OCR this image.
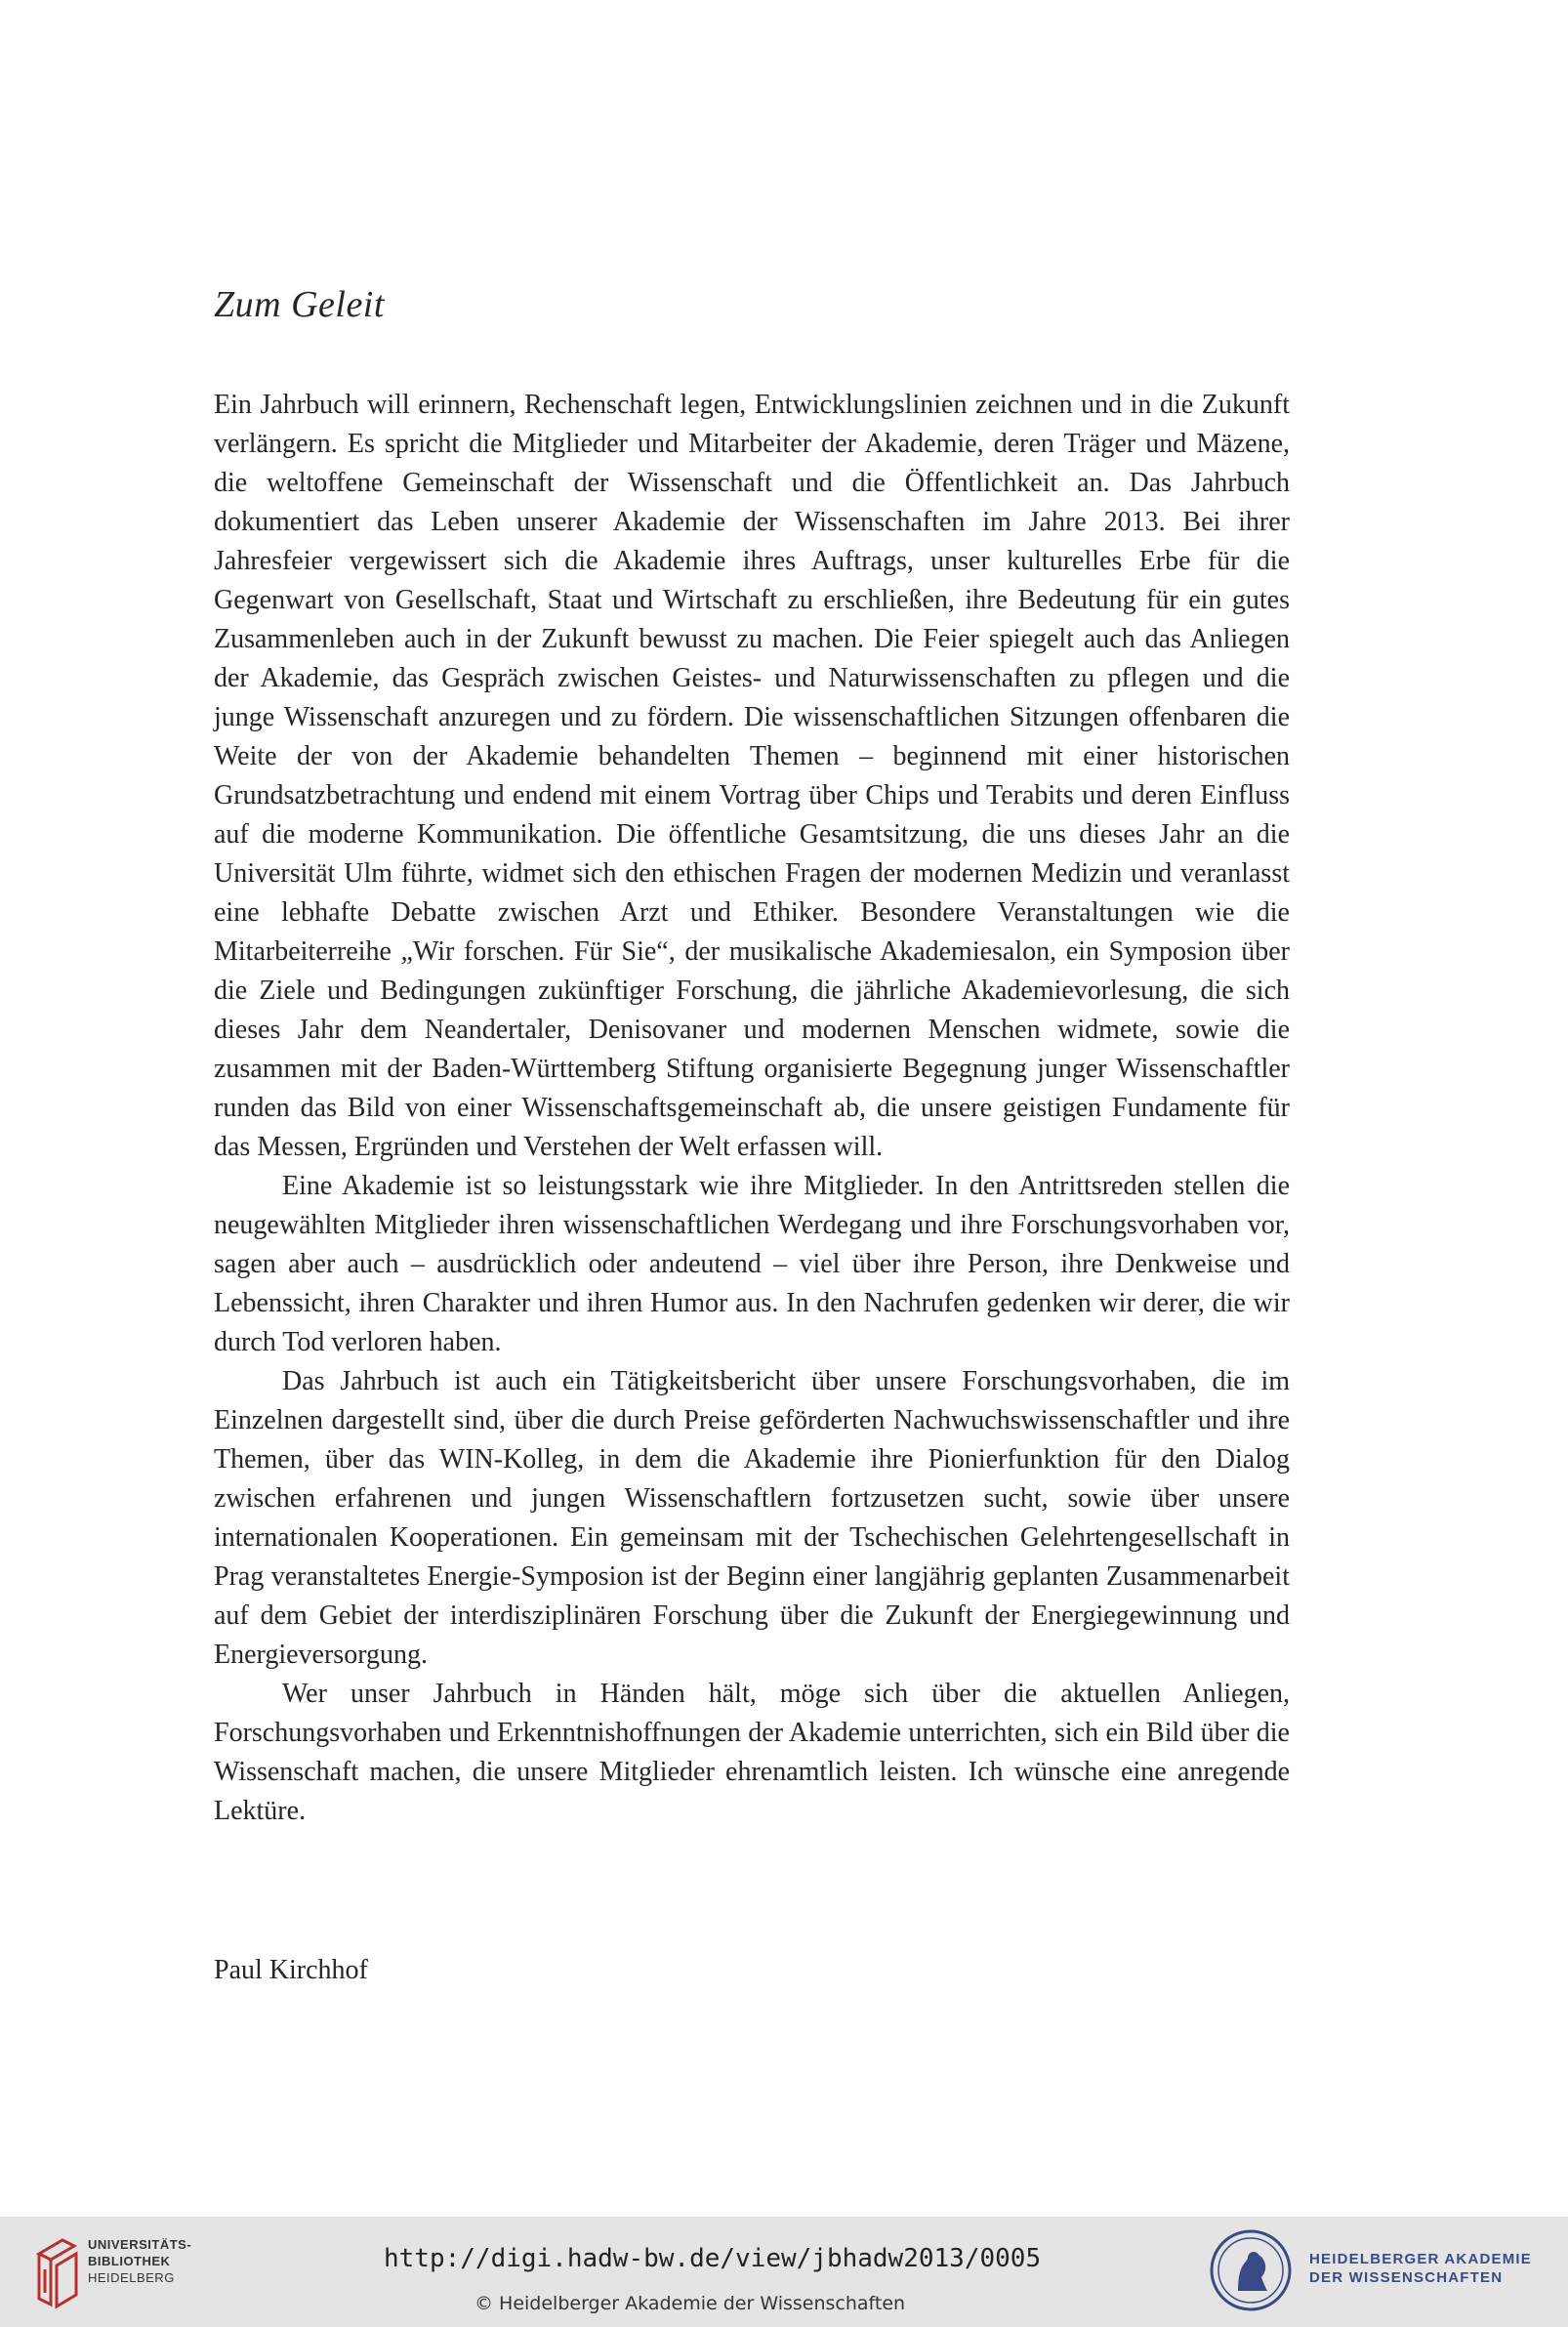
Zum Geleit

Ein Jahrbuch will erinnern, Rechenschaft legen, Entwicklungslinien zeichnen und in die Zukunft verlängern. Es spricht die Mitglieder und Mitarbeiter der Akademie, deren Träger und Mäzene, die weltoffene Gemeinschaft der Wissenschaft und die Öffentlichkeit an. Das Jahrbuch dokumentiert das Leben unserer Akademie der Wissenschaften im Jahre 2013. Bei ihrer Jahresfeier vergewissert sich die Akademie ihres Auftrags, unser kulturelles Erbe für die Gegenwart von Gesellschaft, Staat und Wirtschaft zu erschließen, ihre Bedeutung für ein gutes Zusammenleben auch in der Zukunft bewusst zu machen. Die Feier spiegelt auch das Anliegen der Akademie, das Gespräch zwischen Geistes- und Naturwissenschaften zu pflegen und die junge Wissenschaft anzuregen und zu fördern. Die wissenschaftlichen Sitzungen offenbaren die Weite der von der Akademie behandelten Themen – beginnend mit einer historischen Grundsatzbetrachtung und endend mit einem Vortrag über Chips und Terabits und deren Einfluss auf die moderne Kommunikation. Die öffentliche Gesamtsitzung, die uns dieses Jahr an die Universität Ulm führte, widmet sich den ethischen Fragen der modernen Medizin und veranlasst eine lebhafte Debatte zwischen Arzt und Ethiker. Besondere Veranstaltungen wie die Mitarbeiterreihe „Wir forschen. Für Sie“, der musikalische Akademiesalon, ein Symposion über die Ziele und Bedingungen zukünftiger Forschung, die jährliche Akademievorlesung, die sich dieses Jahr dem Neandertaler, Denisovaner und modernen Menschen widmete, sowie die zusammen mit der Baden-Württemberg Stiftung organisierte Begegnung junger Wissenschaftler runden das Bild von einer Wissenschaftsgemeinschaft ab, die unsere geistigen Fundamente für das Messen, Ergründen und Verstehen der Welt erfassen will.

Eine Akademie ist so leistungsstark wie ihre Mitglieder. In den Antrittsreden stellen die neugewählten Mitglieder ihren wissenschaftlichen Werdegang und ihre Forschungsvorhaben vor, sagen aber auch – ausdrücklich oder andeutend – viel über ihre Person, ihre Denkweise und Lebenssicht, ihren Charakter und ihren Humor aus. In den Nachrufen gedenken wir derer, die wir durch Tod verloren haben.

Das Jahrbuch ist auch ein Tätigkeitsbericht über unsere Forschungsvorhaben, die im Einzelnen dargestellt sind, über die durch Preise geförderten Nachwuchswissenschaftler und ihre Themen, über das WIN-Kolleg, in dem die Akademie ihre Pionierfunktion für den Dialog zwischen erfahrenen und jungen Wissenschaftlern fortzusetzen sucht, sowie über unsere internationalen Kooperationen. Ein gemeinsam mit der Tschechischen Gelehrtengesellschaft in Prag veranstaltetes Energie-Symposion ist der Beginn einer langjährig geplanten Zusammenarbeit auf dem Gebiet der interdisziplinären Forschung über die Zukunft der Energiegewinnung und Energieversorgung.

Wer unser Jahrbuch in Händen hält, möge sich über die aktuellen Anliegen, Forschungsvorhaben und Erkenntnishoffnungen der Akademie unterrichten, sich ein Bild über die Wissenschaft machen, die unsere Mitglieder ehrenamtlich leisten. Ich wünsche eine anregende Lektüre.

Paul Kirchhof
UNIVERSITÄTS-
BIBLIOTHEK
HEIDELBERG
http://digi.hadw-bw.de/view/jbhadw2013/0005
© Heidelberger Akademie der Wissenschaften
HEIDELBERGER AKADEMIE
DER WISSENSCHAFTEN
